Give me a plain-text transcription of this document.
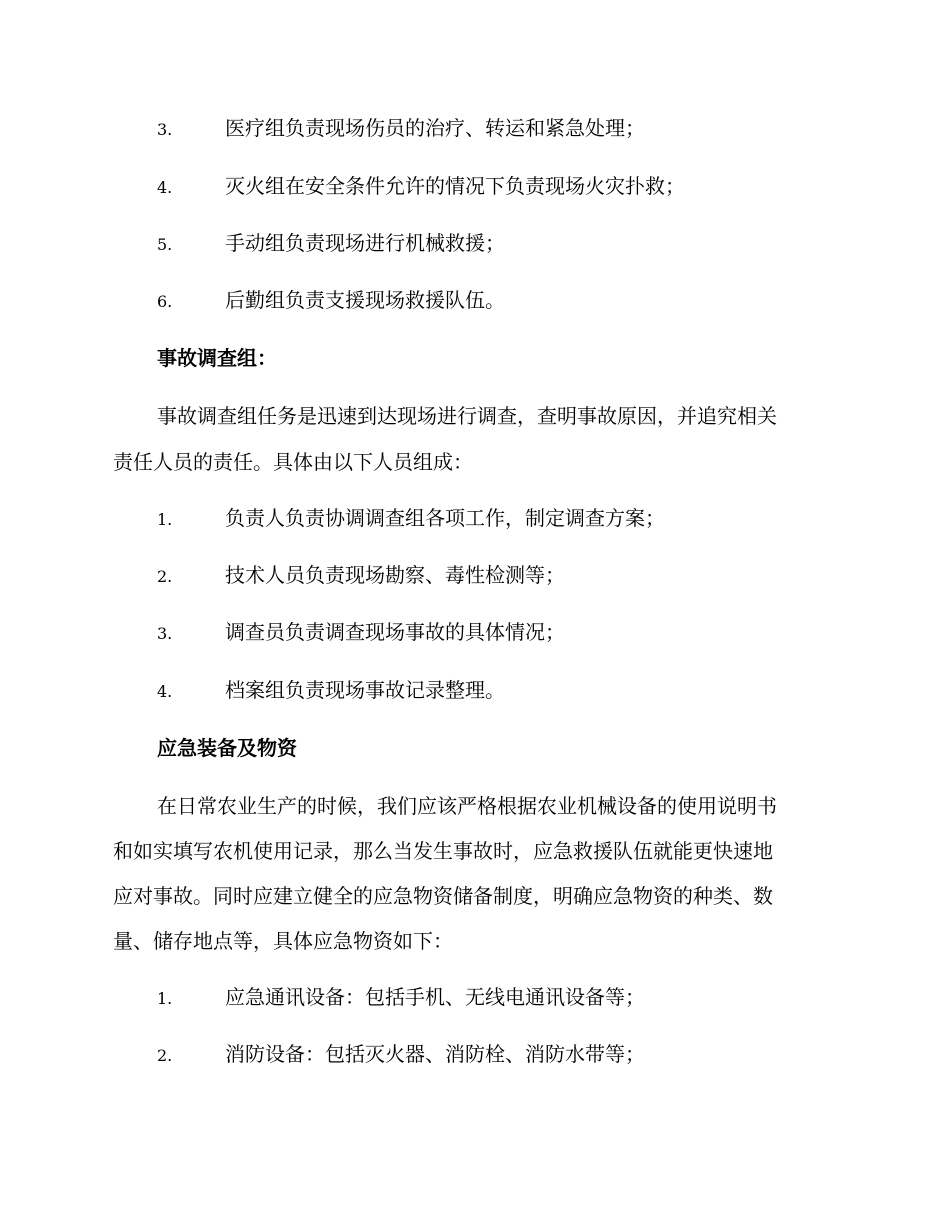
3.	医疗组负责现场伤员的治疗、转运和紧急处理；
4.	灭火组在安全条件允许的情况下负责现场火灾扑救；
5.	手动组负责现场进行机械救援；
6.	后勤组负责支援现场救援队伍。
事故调查组：

事故调查组任务是迅速到达现场进行调查，查明事故原因，并追究相关

责任人员的责任。具体由以下人员组成：

1.	负责人负责协调调查组各项工作，制定调查方案；
2.	技术人员负责现场勘察、毒性检测等；
3.	调查员负责调查现场事故的具体情况；
4.	档案组负责现场事故记录整理。
应急装备及物资

在日常农业生产的时候，我们应该严格根据农业机械设备的使用说明书

和如实填写农机使用记录，那么当发生事故时，应急救援队伍就能更快速地

应对事故。同时应建立健全的应急物资储备制度，明确应急物资的种类、数

量、储存地点等，具体应急物资如下：

1.	应急通讯设备：包括手机、无线电通讯设备等；
2.	消防设备：包括灭火器、消防栓、消防水带等；
